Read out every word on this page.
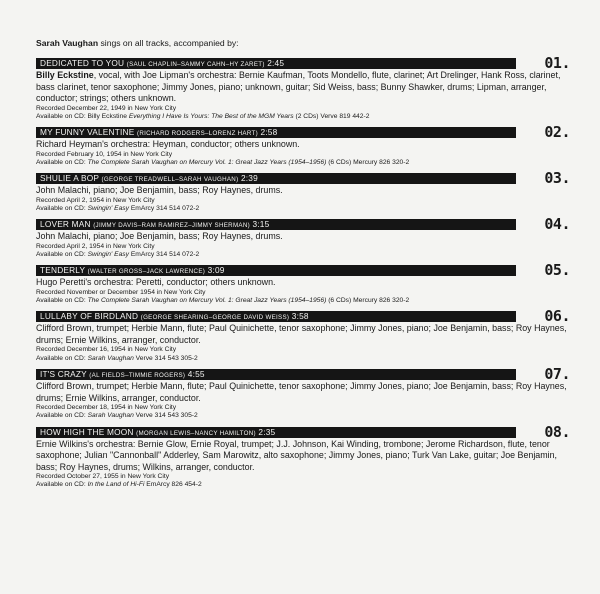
Sarah Vaughan sings on all tracks, accompanied by:
DEDICATED TO YOU (SAUL CHAPLIN–SAMMY CAHN–HY ZARET) 2:45	01.
Billy Eckstine, vocal, with Joe Lipman's orchestra: Bernie Kaufman, Toots Mondello, flute, clarinet; Art Drelinger, Hank Ross, clarinet, bass clarinet, tenor saxophone; Jimmy Jones, piano; unknown, guitar; Sid Weiss, bass; Bunny Shawker, drums; Lipman, arranger, conductor; strings; others unknown.
Recorded December 22, 1949 in New York City
Available on CD: Billy Eckstine Everything I Have Is Yours: The Best of the MGM Years (2 CDs) Verve 819 442-2
MY FUNNY VALENTINE (RICHARD RODGERS–LORENZ HART) 2:58	02.
Richard Heyman's orchestra: Heyman, conductor; others unknown.
Recorded February 10, 1954 in New York City
Available on CD: The Complete Sarah Vaughan on Mercury Vol. 1: Great Jazz Years (1954–1956) (6 CDs) Mercury 826 320-2
SHULIE A BOP (GEORGE TREADWELL–SARAH VAUGHAN) 2:39	03.
John Malachi, piano; Joe Benjamin, bass; Roy Haynes, drums.
Recorded April 2, 1954 in New York City
Available on CD: Swingin' Easy EmArcy 314 514 072-2
LOVER MAN (JIMMY DAVIS–RAM RAMIREZ–JIMMY SHERMAN) 3:15	04.
John Malachi, piano; Joe Benjamin, bass; Roy Haynes, drums.
Recorded April 2, 1954 in New York City
Available on CD: Swingin' Easy EmArcy 314 514 072-2
TENDERLY (WALTER GROSS–JACK LAWRENCE) 3:09	05.
Hugo Peretti's orchestra: Peretti, conductor; others unknown.
Recorded November or December 1954 in New York City
Available on CD: The Complete Sarah Vaughan on Mercury Vol. 1: Great Jazz Years (1954–1956) (6 CDs) Mercury 826 320-2
LULLABY OF BIRDLAND (GEORGE SHEARING–GEORGE DAVID WEISS) 3:58	06.
Clifford Brown, trumpet; Herbie Mann, flute; Paul Quinichette, tenor saxophone; Jimmy Jones, piano; Joe Benjamin, bass; Roy Haynes, drums; Ernie Wilkins, arranger, conductor.
Recorded December 16, 1954 in New York City
Available on CD: Sarah Vaughan Verve 314 543 305-2
IT'S CRAZY (AL FIELDS–TIMMIE ROGERS) 4:55	07.
Clifford Brown, trumpet; Herbie Mann, flute; Paul Quinichette, tenor saxophone; Jimmy Jones, piano; Joe Benjamin, bass; Roy Haynes, drums; Ernie Wilkins, arranger, conductor.
Recorded December 18, 1954 in New York City
Available on CD: Sarah Vaughan Verve 314 543 305-2
HOW HIGH THE MOON (MORGAN LEWIS–NANCY HAMILTON) 2:35	08.
Ernie Wilkins's orchestra: Bernie Glow, Ernie Royal, trumpet; J.J. Johnson, Kai Winding, trombone; Jerome Richardson, flute, tenor saxophone; Julian "Cannonball" Adderley, Sam Marowitz, alto saxophone; Jimmy Jones, piano; Turk Van Lake, guitar; Joe Benjamin, bass; Roy Haynes, drums; Wilkins, arranger, conductor.
Recorded October 27, 1955 in New York City
Available on CD: In the Land of Hi-Fi EmArcy 826 454-2
